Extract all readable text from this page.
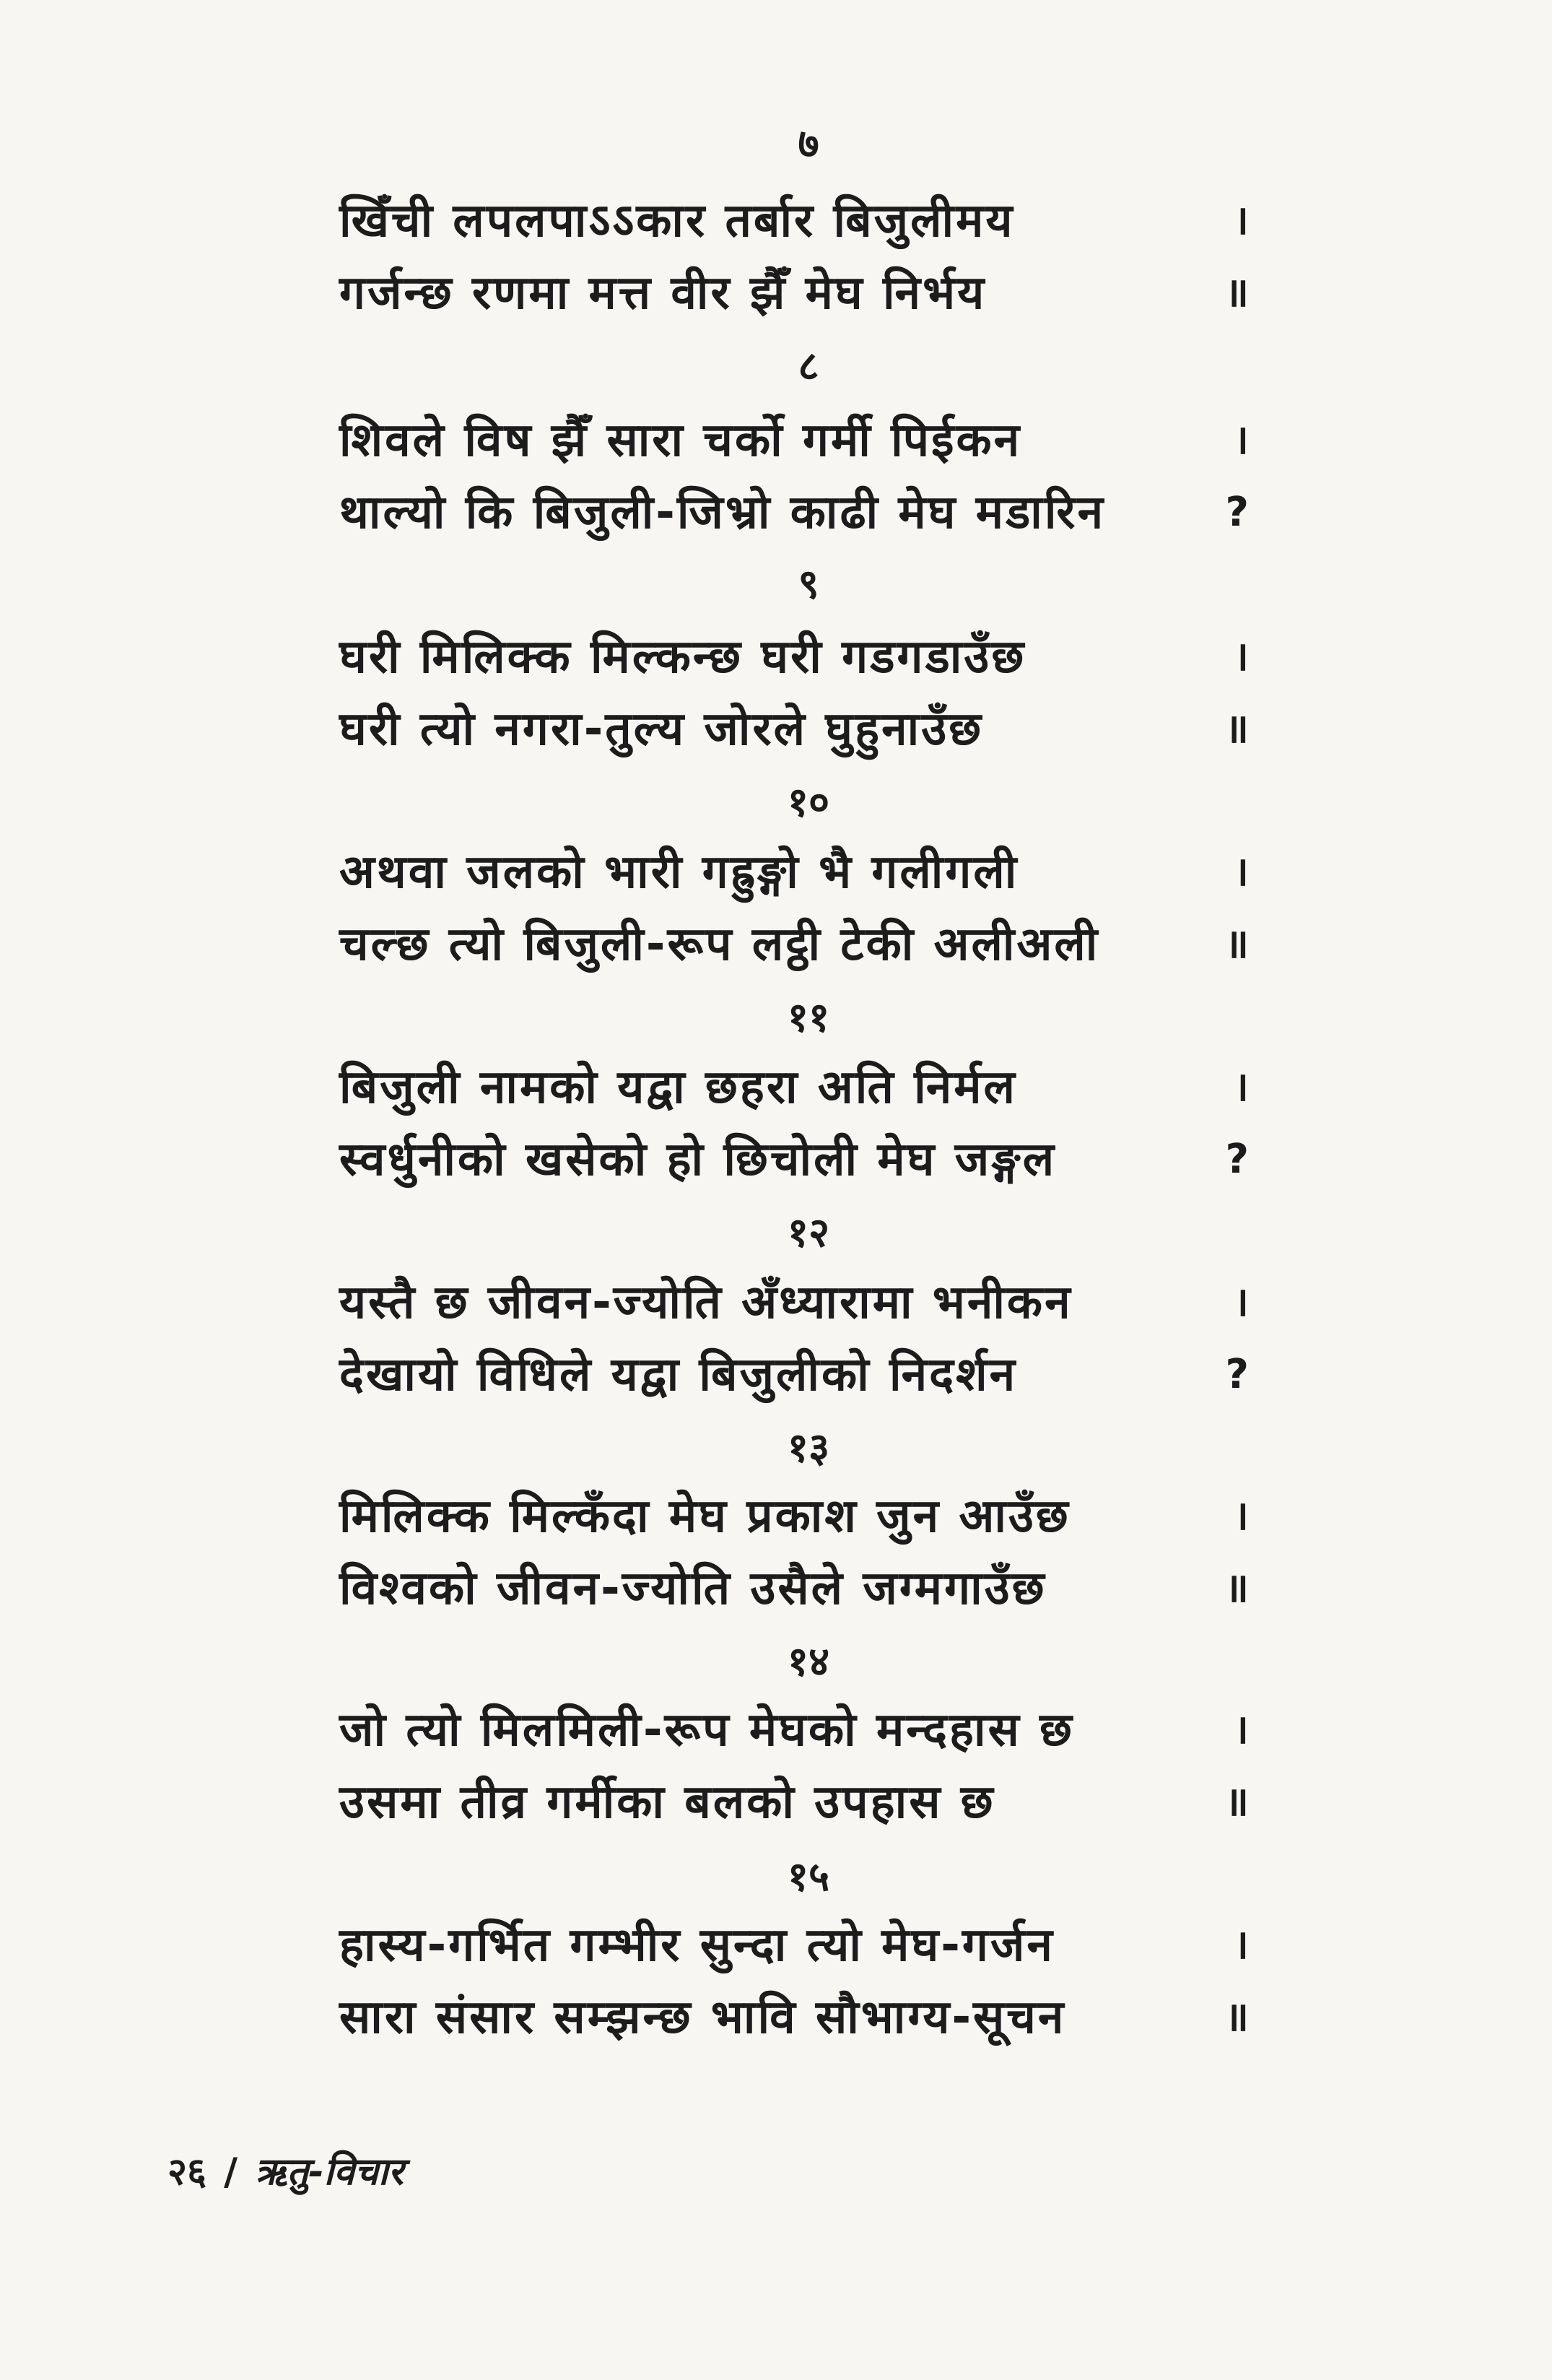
७
खिँची लपलपाऽऽकार तर्बार बिजुलीमय	।
गर्जन्छ रणमा मत्त वीर झैँ मेघ निर्भय	॥
८
शिवले विष झैँ सारा चर्को गर्मी पिईकन	।
थाल्यो कि बिजुली-जिभ्रो काढी मेघ मडारिन	?
९
घरी मिलिक्क मिल्कन्छ घरी गडगडाउँछ	।
घरी त्यो नगरा-तुल्य जोरले घुहुनाउँछ	॥
१०
अथवा जलको भारी गह्रुङ्गो भै गलीगली	।
चल्छ त्यो बिजुली-रूप लट्ठी टेकी अलीअली	॥
११
बिजुली नामको यद्वा छहरा अति निर्मल	।
स्वर्धुनीको खसेको हो छिचोली मेघ जङ्गल	?
१२
यस्तै छ जीवन-ज्योति अँध्यारामा भनीकन	।
देखायो विधिले यद्वा बिजुलीको निदर्शन	?
१३
मिलिक्क मिल्कँदा मेघ प्रकाश जुन आउँछ	।
विश्वको जीवन-ज्योति उसैले जग्मगाउँछ	॥
१४
जो त्यो मिलमिली-रूप मेघको मन्दहास छ	।
उसमा तीव्र गर्मीका बलको उपहास छ	॥
१५
हास्य-गर्भित गम्भीर सुन्दा त्यो मेघ-गर्जन	।
सारा संसार सम्झन्छ भावि सौभाग्य-सूचन	॥
२६ / ऋतु-विचार
